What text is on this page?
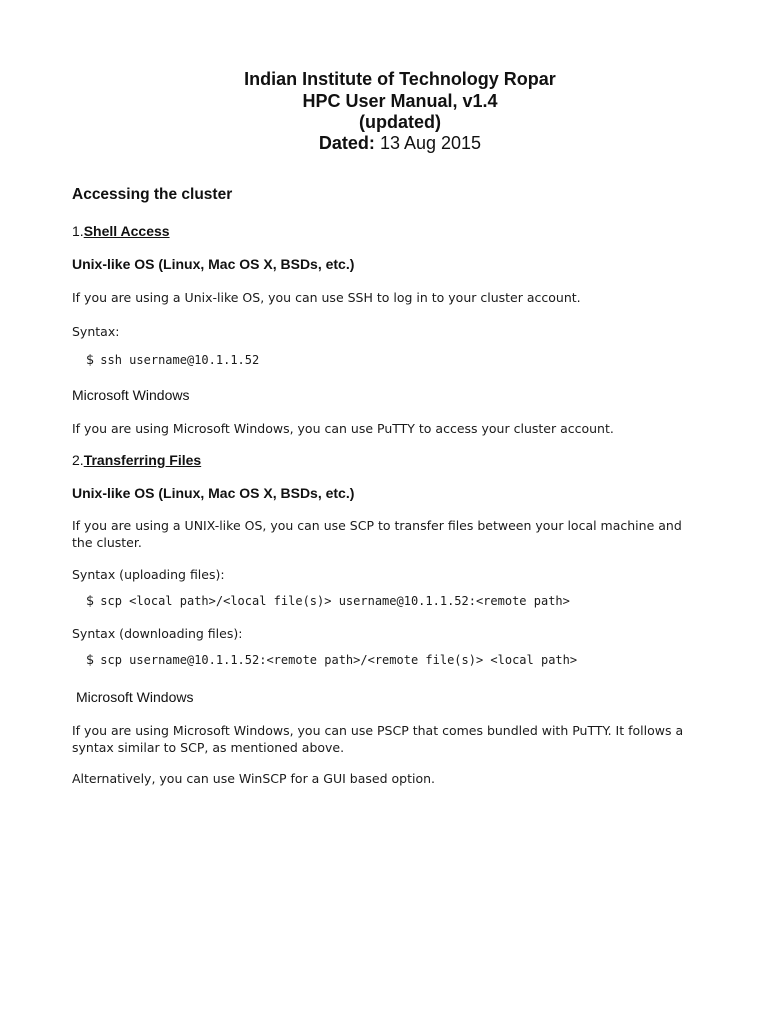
Indian Institute of Technology Ropar
HPC User Manual, v1.4
(updated)
Dated: 13 Aug 2015
Accessing the cluster
1.Shell Access
Unix-like OS (Linux, Mac OS X, BSDs, etc.)
If you are using a Unix-like OS, you can use SSH to log in to your cluster account.
Syntax:
$ ssh username@10.1.1.52
Microsoft Windows
If you are using Microsoft Windows, you can use PuTTY to access your cluster account.
2.Transferring Files
Unix-like OS (Linux, Mac OS X, BSDs, etc.)
If you are using a UNIX-like OS, you can use SCP to transfer files between your local machine and the cluster.
Syntax (uploading files):
$ scp <local path>/<local file(s)> username@10.1.1.52:<remote path>
Syntax (downloading files):
$ scp username@10.1.1.52:<remote path>/<remote file(s)> <local path>
Microsoft Windows
If you are using Microsoft Windows, you can use PSCP that comes bundled with PuTTY. It follows a syntax similar to SCP, as mentioned above.
Alternatively, you can use WinSCP for a GUI based option.
